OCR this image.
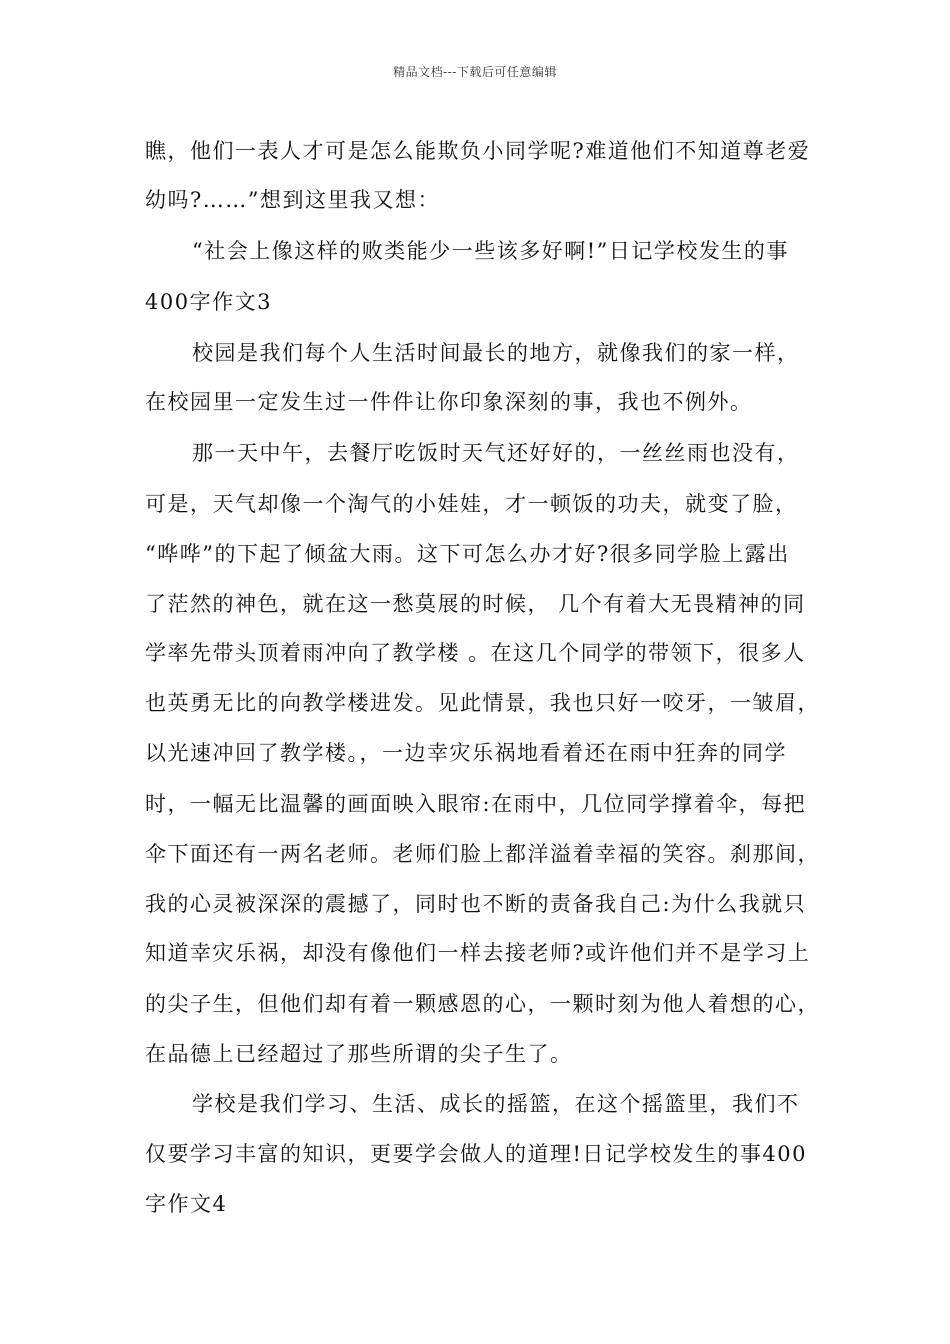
精品文档---下载后可任意编辑
瞧，他们一表人才可是怎么能欺负小同学呢?难道他们不知道尊老爱
幼吗?……”想到这里我又想：
“社会上像这样的败类能少一些该多好啊!”日记学校发生的事
400字作文3
校园是我们每个人生活时间最长的地方，就像我们的家一样，
在校园里一定发生过一件件让你印象深刻的事，我也不例外。
那一天中午，去餐厅吃饭时天气还好好的，一丝丝雨也没有，
可是，天气却像一个淘气的小娃娃，才一顿饭的功夫，就变了脸，
“哗哗”的下起了倾盆大雨。这下可怎么办才好?很多同学脸上露出
了茫然的神色，就在这一愁莫展的时候， 几个有着大无畏精神的同
学率先带头顶着雨冲向了教学楼 。在这几个同学的带领下，很多人
也英勇无比的向教学楼进发。见此情景，我也只好一咬牙，一皱眉，
以光速冲回了教学楼。，一边幸灾乐祸地看着还在雨中狂奔的同学
时，一幅无比温馨的画面映入眼帘:在雨中，几位同学撑着伞，每把
伞下面还有一两名老师。老师们脸上都洋溢着幸福的笑容。刹那间，
我的心灵被深深的震撼了，同时也不断的责备我自己:为什么我就只
知道幸灾乐祸，却没有像他们一样去接老师?或许他们并不是学习上
的尖子生，但他们却有着一颗感恩的心，一颗时刻为他人着想的心，
在品德上已经超过了那些所谓的尖子生了。
学校是我们学习、生活、成长的摇篮，在这个摇篮里，我们不
仅要学习丰富的知识，更要学会做人的道理!日记学校发生的事400
字作文4
